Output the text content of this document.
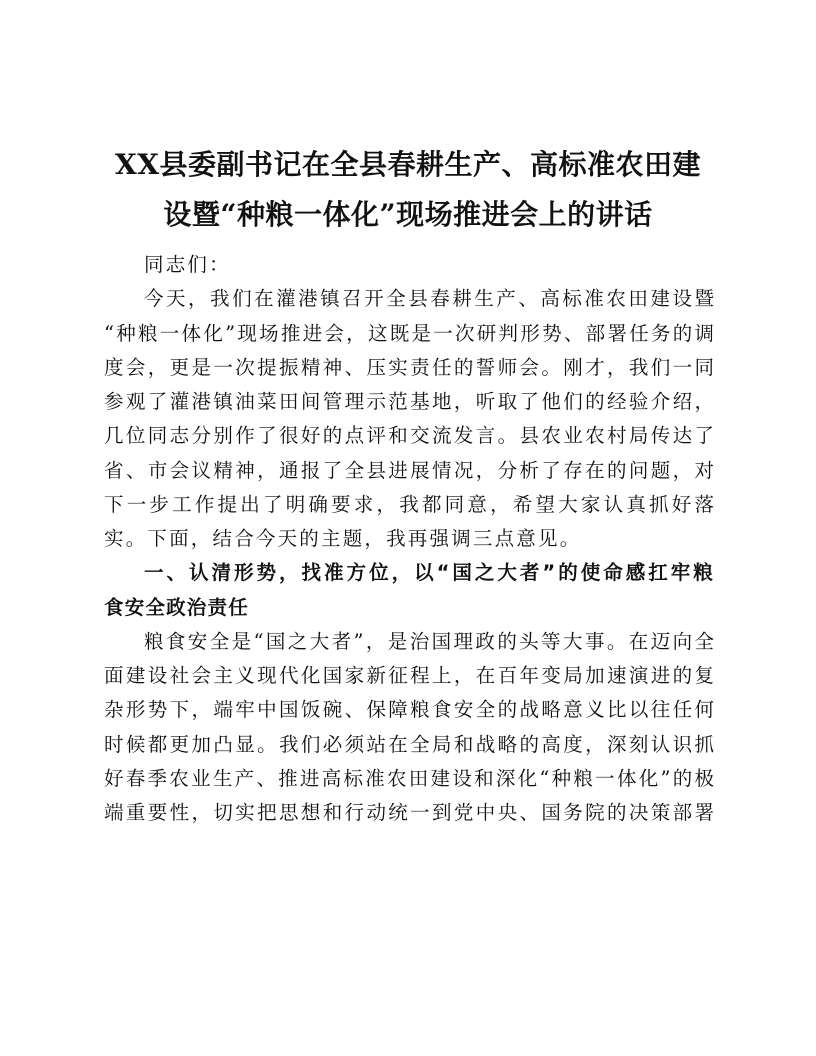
XX县委副书记在全县春耕生产、高标准农田建
设暨“种粮一体化”现场推进会上的讲话
同志们：
今天，我们在灌港镇召开全县春耕生产、高标准农田建设暨
“种粮一体化”现场推进会，这既是一次研判形势、部署任务的调
度会，更是一次提振精神、压实责任的誓师会。刚才，我们一同
参观了灌港镇油菜田间管理示范基地，听取了他们的经验介绍，
几位同志分别作了很好的点评和交流发言。县农业农村局传达了
省、市会议精神，通报了全县进展情况，分析了存在的问题，对
下一步工作提出了明确要求，我都同意，希望大家认真抓好落
实。下面，结合今天的主题，我再强调三点意见。
一、认清形势，找准方位，以“国之大者”的使命感扛牢粮
食安全政治责任
粮食安全是“国之大者”，是治国理政的头等大事。在迈向全
面建设社会主义现代化国家新征程上，在百年变局加速演进的复
杂形势下，端牢中国饭碗、保障粮食安全的战略意义比以往任何
时候都更加凸显。我们必须站在全局和战略的高度，深刻认识抓
好春季农业生产、推进高标准农田建设和深化“种粮一体化”的极
端重要性，切实把思想和行动统一到党中央、国务院的决策部署
